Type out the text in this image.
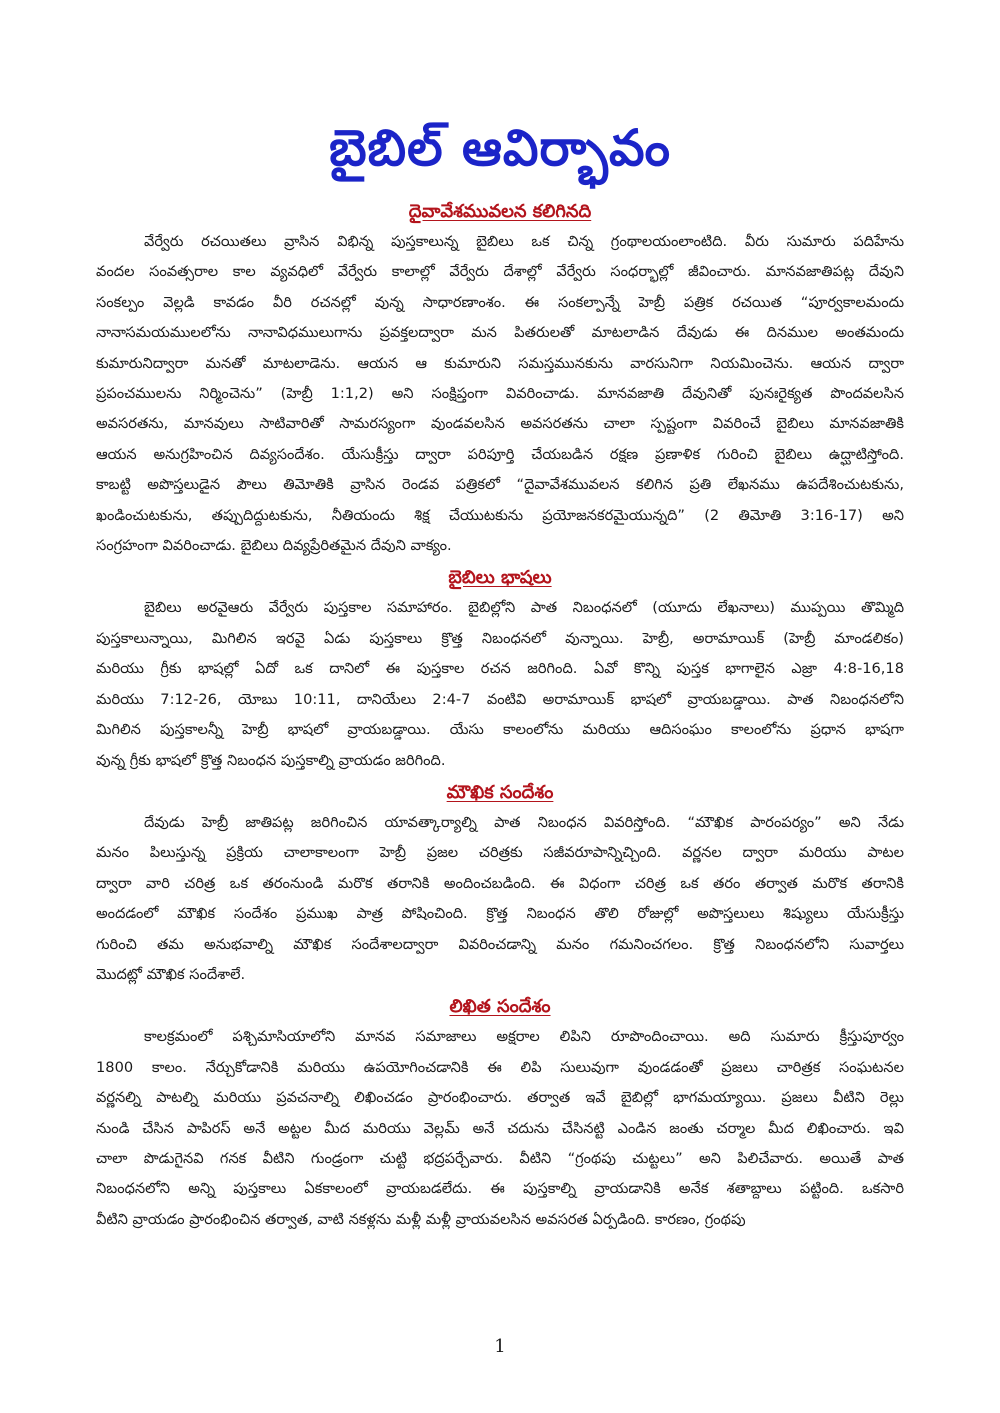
బైబిల్ ఆవిర్భావం
దైవావేశమువలన కలిగినది
వేర్వేరు రచయితలు వ్రాసిన విభిన్న పుస్తకాలున్న బైబిలు ఒక చిన్న గ్రంథాలయంలాంటిది. వీరు సుమారు పదిహేను
వందల సంవత్సరాల కాల వ్యవధిలో వేర్వేరు కాలాల్లో వేర్వేరు దేశాల్లో వేర్వేరు సంధర్భాల్లో జీవించారు. మానవజాతిపట్ల దేవుని
సంకల్పం వెల్లడి కావడం వీరి రచనల్లో వున్న సాధారణాంశం. ఈ సంకల్పాన్నే హెబ్రీ పత్రిక రచయిత “పూర్వకాలమందు
నానాసమయములలోను నానావిధములుగాను ప్రవక్తలద్వారా మన పితరులతో మాటలాడిన దేవుడు ఈ దినముల అంతమందు
కుమారునిద్వారా మనతో మాటలాడెను. ఆయన ఆ కుమారుని సమస్తమునకును వారసునిగా నియమించెను. ఆయన ద్వారా
ప్రపంచములను నిర్మించెను” (హెబ్రీ 1:1,2) అని సంక్షిప్తంగా వివరించాడు. మానవజాతి దేవునితో పునఃరైక్యత పొందవలసిన
అవసరతను, మానవులు సాటివారితో సామరస్యంగా వుండవలసిన అవసరతను చాలా స్పష్టంగా వివరించే బైబిలు మానవజాతికి
ఆయన అనుగ్రహించిన దివ్యసందేశం. యేసుక్రీస్తు ద్వారా పరిపూర్తి చేయబడిన రక్షణ ప్రణాళిక గురించి బైబిలు ఉద్ఘాటిస్తోంది.
కాబట్టి అపొస్తలుడైన పౌలు తిమోతికి వ్రాసిన రెండవ పత్రికలో “దైవావేశమువలన కలిగిన ప్రతి లేఖనము ఉపదేశించుటకును,
ఖండించుటకును, తప్పుదిద్దుటకును, నీతియందు శిక్ష చేయుటకును ప్రయోజనకరమైయున్నది” (2 తిమోతి 3:16-17) అని
సంగ్రహంగా వివరించాడు. బైబిలు దివ్యప్రేరితమైన దేవుని వాక్యం.
బైబిలు భాషలు
బైబిలు అరవైఆరు వేర్వేరు పుస్తకాల సమాహారం. బైబిల్లోని పాత నిబంధనలో (యూదు లేఖనాలు) ముప్పయి తొమ్మిది
పుస్తకాలున్నాయి, మిగిలిన ఇరవై ఏడు పుస్తకాలు క్రొత్త నిబంధనలో వున్నాయి. హెబ్రీ, అరామాయిక్ (హెబ్రీ మాండలికం)
మరియు గ్రీకు భాషల్లో ఏదో ఒక దానిలో ఈ పుస్తకాల రచన జరిగింది. ఏవో కొన్ని పుస్తక భాగాలైన ఎజ్రా 4:8-16,18
మరియు 7:12-26, యోబు 10:11, దానియేలు 2:4-7 వంటివి అరామాయిక్ భాషలో వ్రాయబడ్డాయి. పాత నిబంధనలోని
మిగిలిన పుస్తకాలన్నీ హెబ్రీ భాషలో వ్రాయబడ్డాయి. యేసు కాలంలోను మరియు ఆదిసంఘం కాలంలోను ప్రధాన భాషగా
వున్న గ్రీకు భాషలో క్రొత్త నిబంధన పుస్తకాల్ని వ్రాయడం జరిగింది.
మౌఖిక సందేశం
దేవుడు హెబ్రీ జాతిపట్ల జరిగించిన యావత్కార్యాల్ని పాత నిబంధన వివరిస్తోంది. “మౌఖిక పారంపర్యం” అని నేడు
మనం పిలుస్తున్న ప్రక్రియ చాలాకాలంగా హెబ్రీ ప్రజల చరిత్రకు సజీవరూపాన్నిచ్చింది. వర్ణనల ద్వారా మరియు పాటల
ద్వారా వారి చరిత్ర ఒక తరంనుండి మరొక తరానికి అందించబడింది. ఈ విధంగా చరిత్ర ఒక తరం తర్వాత మరొక తరానికి
అందడంలో మౌఖిక సందేశం ప్రముఖ పాత్ర పోషించింది. క్రొత్త నిబంధన తొలి రోజుల్లో అపొస్తలులు శిష్యులు యేసుక్రీస్తు
గురించి తమ అనుభవాల్ని మౌఖిక సందేశాలద్వారా వివరించడాన్ని మనం గమనించగలం. క్రొత్త నిబంధనలోని సువార్తలు
మొదట్లో మౌఖిక సందేశాలే.
లిఖిత సందేశం
కాలక్రమంలో పశ్చిమాసియాలోని మానవ సమాజాలు అక్షరాల లిపిని రూపొందించాయి. అది సుమారు క్రీస్తుపూర్వం
1800 కాలం. నేర్చుకోడానికి మరియు ఉపయోగించడానికి ఈ లిపి సులువుగా వుండడంతో ప్రజలు చారిత్రక సంఘటనల
వర్ణనల్ని పాటల్ని మరియు ప్రవచనాల్ని లిఖించడం ప్రారంభించారు. తర్వాత ఇవే బైబిల్లో భాగమయ్యాయి. ప్రజలు వీటిని రెల్లు
నుండి చేసిన పాపిరస్ అనే అట్టల మీద మరియు వెల్లమ్ అనే చదును చేసినట్టి ఎండిన జంతు చర్మాల మీద లిఖించారు. ఇవి
చాలా పొడుగైనవి గనక వీటిని గుండ్రంగా చుట్టి భద్రపర్చేవారు. వీటిని “గ్రంథపు చుట్టలు” అని పిలిచేవారు. అయితే పాత
నిబంధనలోని అన్ని పుస్తకాలు ఏకకాలంలో వ్రాయబడలేదు. ఈ పుస్తకాల్ని వ్రాయడానికి అనేక శతాబ్దాలు పట్టింది. ఒకసారి
వీటిని వ్రాయడం ప్రారంభించిన తర్వాత, వాటి నకళ్లను మళ్లీ మళ్లీ వ్రాయవలసిన అవసరత ఏర్పడింది. కారణం, గ్రంథపు
1
